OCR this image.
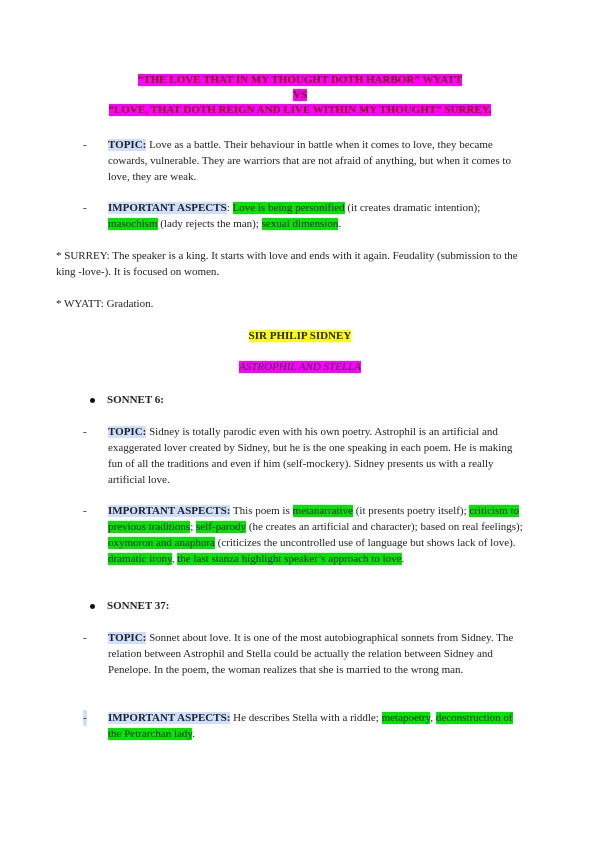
“THE LOVE THAT IN MY THOUGHT DOTH HARBOR” WYATT
VS
“LOVE, THAT DOTH REIGN AND LIVE WITHIN MY THOUGHT” SURREY.
- TOPIC: Love as a battle. Their behaviour in battle when it comes to love, they became cowards, vulnerable. They are warriors that are not afraid of anything, but when it comes to love, they are weak.
- IMPORTANT ASPECTS: Love is being personified (it creates dramatic intention); masochism (lady rejects the man); sexual dimension.
* SURREY: The speaker is a king. It starts with love and ends with it again. Feudality (submission to the king -love-). It is focused on women.
* WYATT: Gradation.
SIR PHILIP SIDNEY
ASTROPHIL AND STELLA
SONNET 6:
- TOPIC: Sidney is totally parodic even with his own poetry. Astrophil is an artificial and exaggerated lover created by Sidney, but he is the one speaking in each poem. He is making fun of all the traditions and even if him (self-mockery). Sidney presents us with a really artificial love.
- IMPORTANT ASPECTS: This poem is metanarrative (it presents poetry itself); criticism to previous traditions; self-parody (he creates an artificial and character); based on real feelings); oxymoron and anaphora (criticizes the uncontrolled use of language but shows lack of love). dramatic irony, the last stanza highlight speaker’s approach to love.
SONNET 37:
- TOPIC: Sonnet about love. It is one of the most autobiographical sonnets from Sidney. The relation between Astrophil and Stella could be actually the relation between Sidney and Penelope. In the poem, the woman realizes that she is married to the wrong man.
- IMPORTANT ASPECTS: He describes Stella with a riddle; metapoetry, deconstruction of the Petrarchan lady.
